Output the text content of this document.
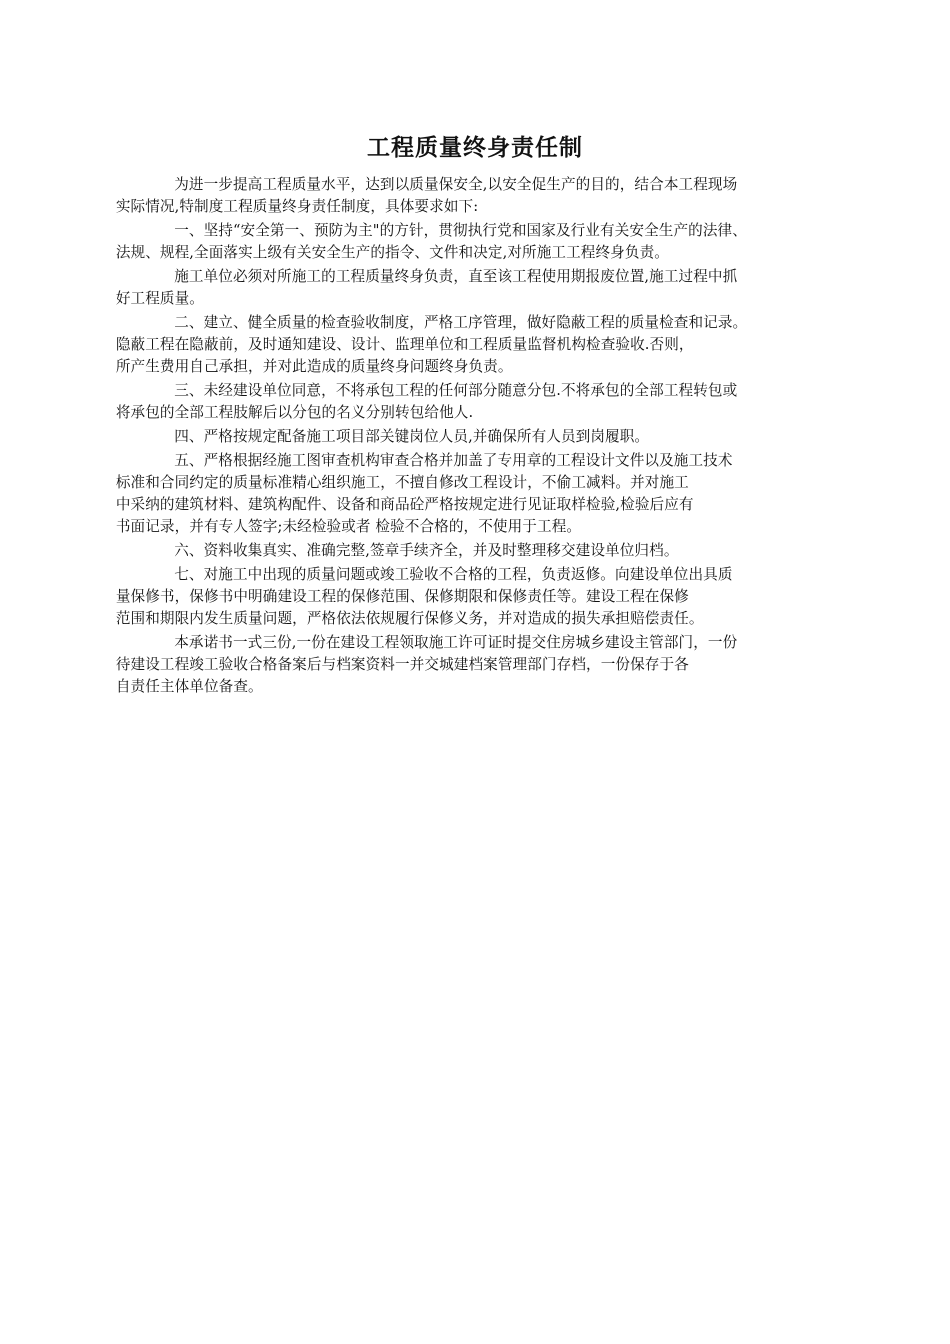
工程质量终身责任制

为进一步提高工程质量水平，达到以质量保安全,以安全促生产的目的，结合本工程现场
实际情况,特制度工程质量终身责任制度，具体要求如下:

一、坚持“安全第一、预防为主"的方针，贯彻执行党和国家及行业有关安全生产的法律、
法规、规程,全面落实上级有关安全生产的指令、文件和决定,对所施工工程终身负责。

施工单位必须对所施工的工程质量终身负责，直至该工程使用期报废位置,施工过程中抓
好工程质量。

二、建立、健全质量的检查验收制度，严格工序管理，做好隐蔽工程的质量检查和记录。
隐蔽工程在隐蔽前，及时通知建设、设计、监理单位和工程质量监督机构检查验收.否则，
所产生费用自己承担，并对此造成的质量终身问题终身负责。

三、未经建设单位同意，不将承包工程的任何部分随意分包.不将承包的全部工程转包或
将承包的全部工程肢解后以分包的名义分别转包给他人.

四、严格按规定配备施工项目部关键岗位人员,并确保所有人员到岗履职。

五、严格根据经施工图审查机构审查合格并加盖了专用章的工程设计文件以及施工技术
标准和合同约定的质量标准精心组织施工，不擅自修改工程设计，不偷工减料。并对施工
中采纳的建筑材料、建筑构配件、设备和商品砼严格按规定进行见证取样检验,检验后应有
书面记录，并有专人签字;未经检验或者 检验不合格的，不使用于工程。

六、资料收集真实、准确完整,签章手续齐全，并及时整理移交建设单位归档。

七、对施工中出现的质量问题或竣工验收不合格的工程，负责返修。向建设单位出具质
量保修书，保修书中明确建设工程的保修范围、保修期限和保修责任等。建设工程在保修
范围和期限内发生质量问题，严格依法依规履行保修义务，并对造成的损失承担赔偿责任。

本承诺书一式三份,一份在建设工程领取施工许可证时提交住房城乡建设主管部门，一份
待建设工程竣工验收合格备案后与档案资料一并交城建档案管理部门存档，一份保存于各
自责任主体单位备查。
